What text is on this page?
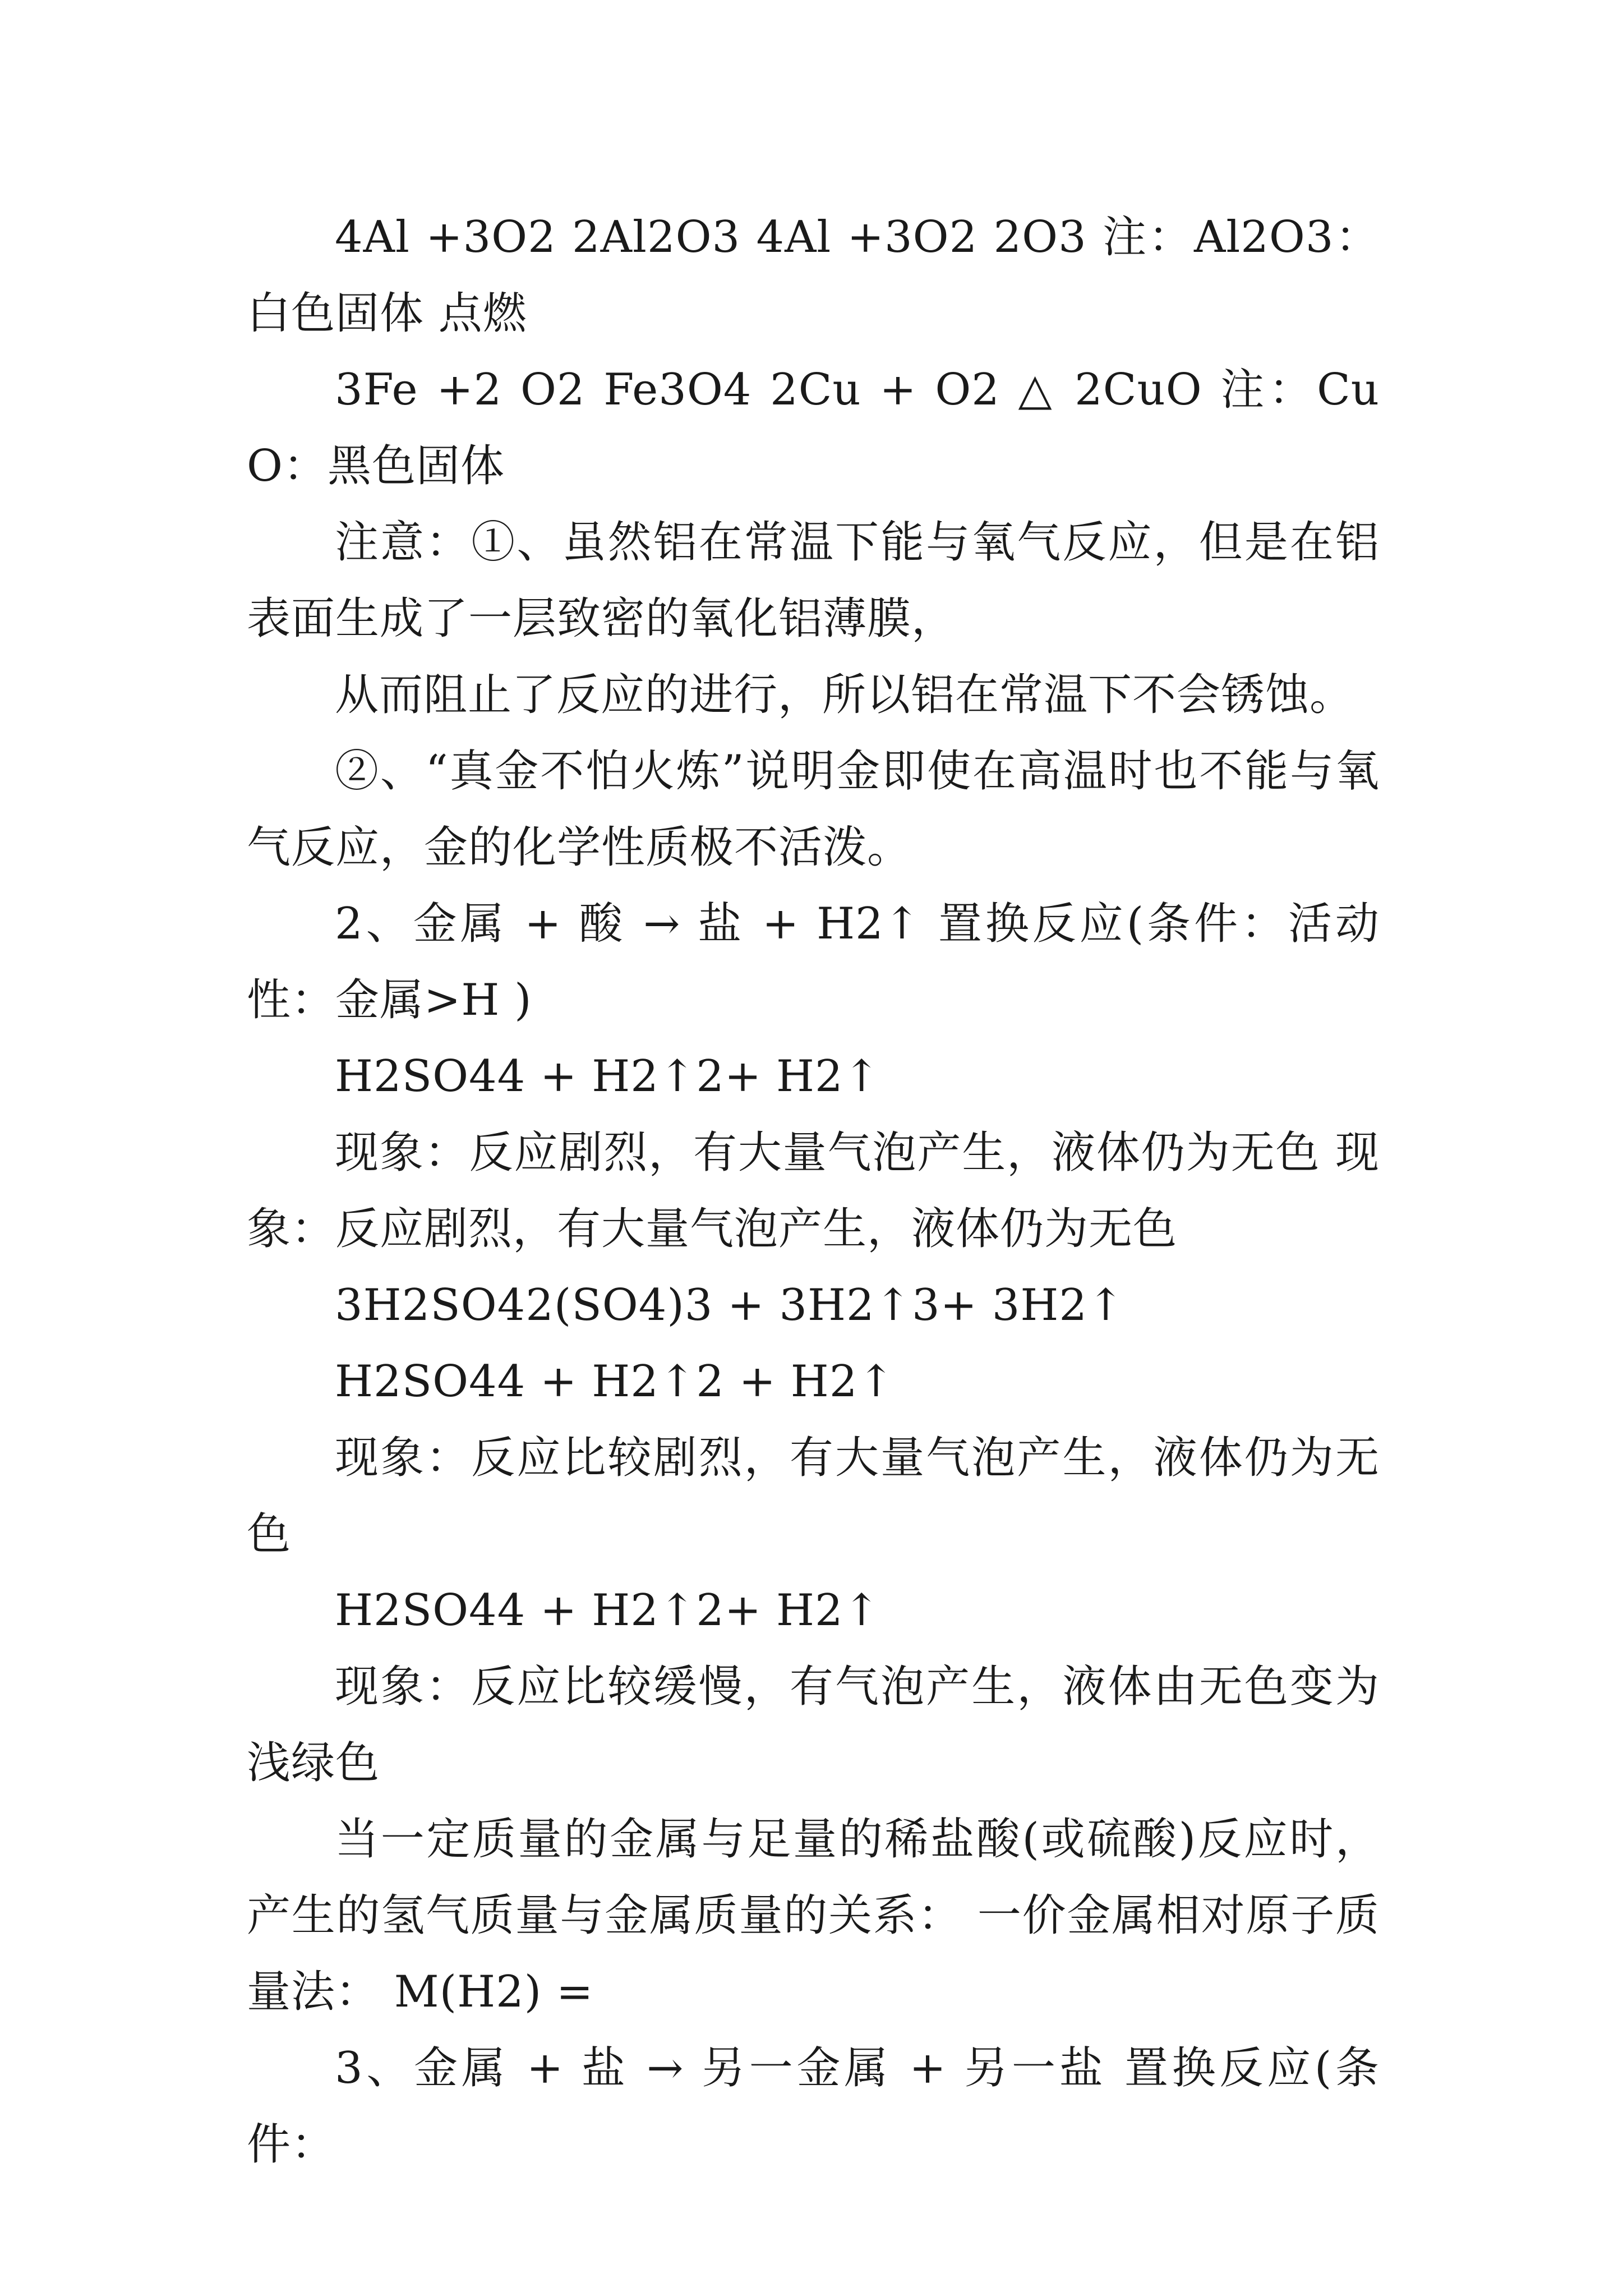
4Al +3O2 2Al2O3 4Al +3O2 2O3 注：Al2O3：白色固体 点燃

3Fe +2 O2 Fe3O4 2Cu + O2 △ 2CuO 注：CuO：黑色固体

注意：①、虽然铝在常温下能与氧气反应，但是在铝表面生成了一层致密的氧化铝薄膜，

从而阻止了反应的进行，所以铝在常温下不会锈蚀。

②、“真金不怕火炼”说明金即使在高温时也不能与氧气反应，金的化学性质极不活泼。

2、金属 + 酸 → 盐 + H2↑ 置换反应(条件：活动性：金属>H )

H2SO44 + H2↑2+ H2↑

现象：反应剧烈，有大量气泡产生，液体仍为无色 现象：反应剧烈，有大量气泡产生，液体仍为无色

3H2SO42(SO4)3 + 3H2↑3+ 3H2↑

H2SO44 + H2↑2 + H2↑

现象：反应比较剧烈，有大量气泡产生，液体仍为无色

H2SO44 + H2↑2+ H2↑

现象：反应比较缓慢，有气泡产生，液体由无色变为浅绿色

当一定质量的金属与足量的稀盐酸(或硫酸)反应时，产生的氢气质量与金属质量的关系： 一价金属相对原子质量法： M(H2) =

3、金属 + 盐 → 另一金属 + 另一盐 置换反应(条件：
